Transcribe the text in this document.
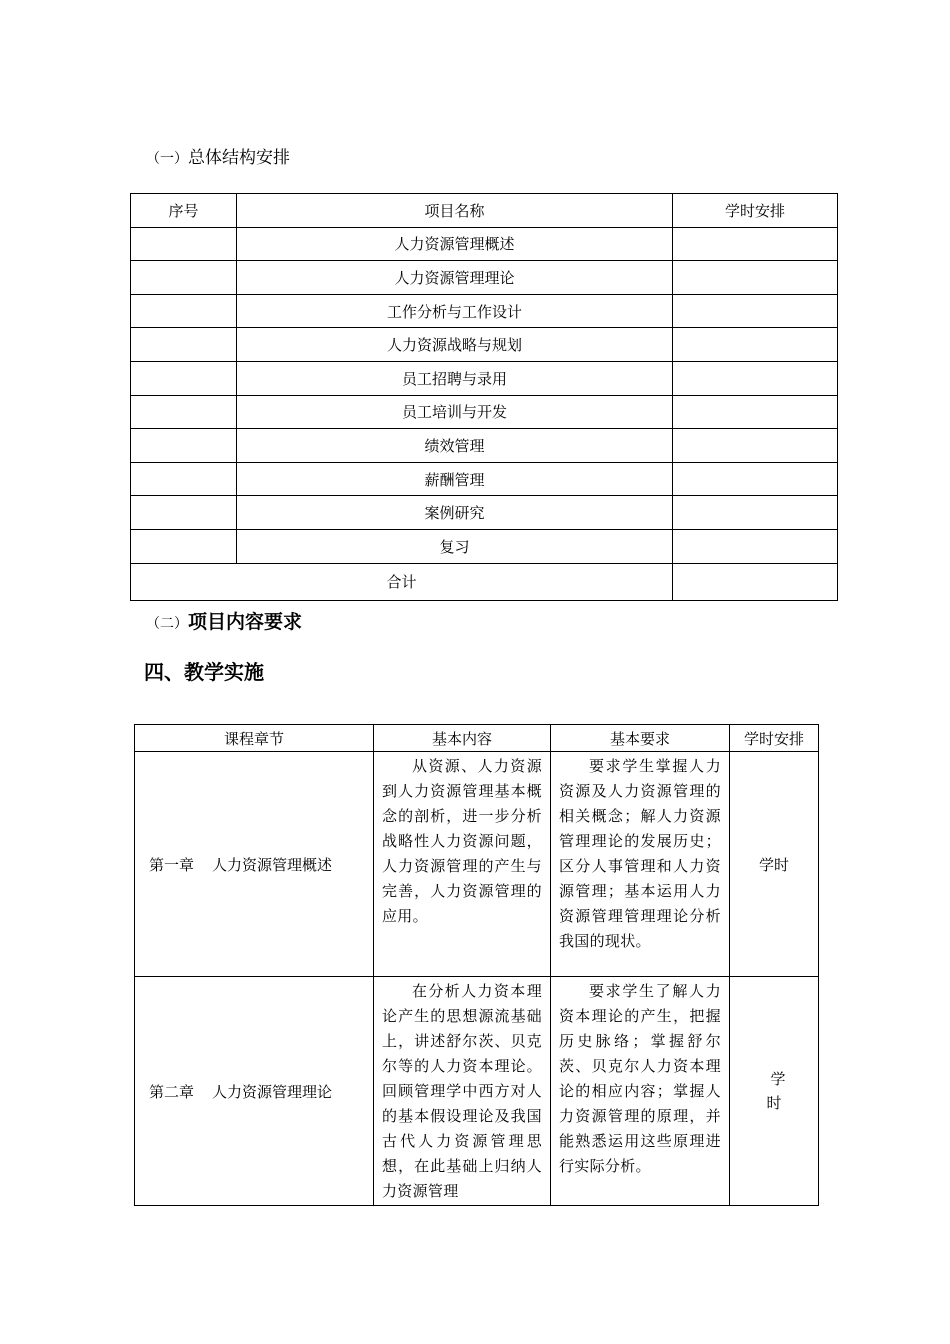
（一）总体结构安排
序号	项目名称	学时安排
	人力资源管理概述	
	人力资源管理理论	
	工作分析与工作设计	
	人力资源战略与规划	
	员工招聘与录用	
	员工培训与开发	
	绩效管理	
	薪酬管理	
	案例研究	
	复习	
合计		
（二）项目内容要求
四、教学实施
课程章节	基本内容	基本要求	学时安排
第一章 人力资源管理概述	从资源、人力资源到人力资源管理基本概念的剖析，进一步分析战略性人力资源问题，人力资源管理的产生与完善，人力资源管理的应用。	要求学生掌握人力资源及人力资源管理的相关概念；解人力资源管理理论的发展历史；区分人事管理和人力资源管理；基本运用人力资源管理管理理论分析我国的现状。	学时
第二章 人力资源管理理论	在分析人力资本理论产生的思想源流基础上，讲述舒尔茨、贝克尔等的人力资本理论。回顾管理学中西方对人的基本假设理论及我国古代人力资源管理思想，在此基础上归纳人力资源管理	要求学生了解人力资本理论的产生，把握历史脉络；掌握舒尔茨、贝克尔人力资本理论的相应内容；掌握人力资源管理的原理，并能熟悉运用这些原理进行实际分析。	学
时
